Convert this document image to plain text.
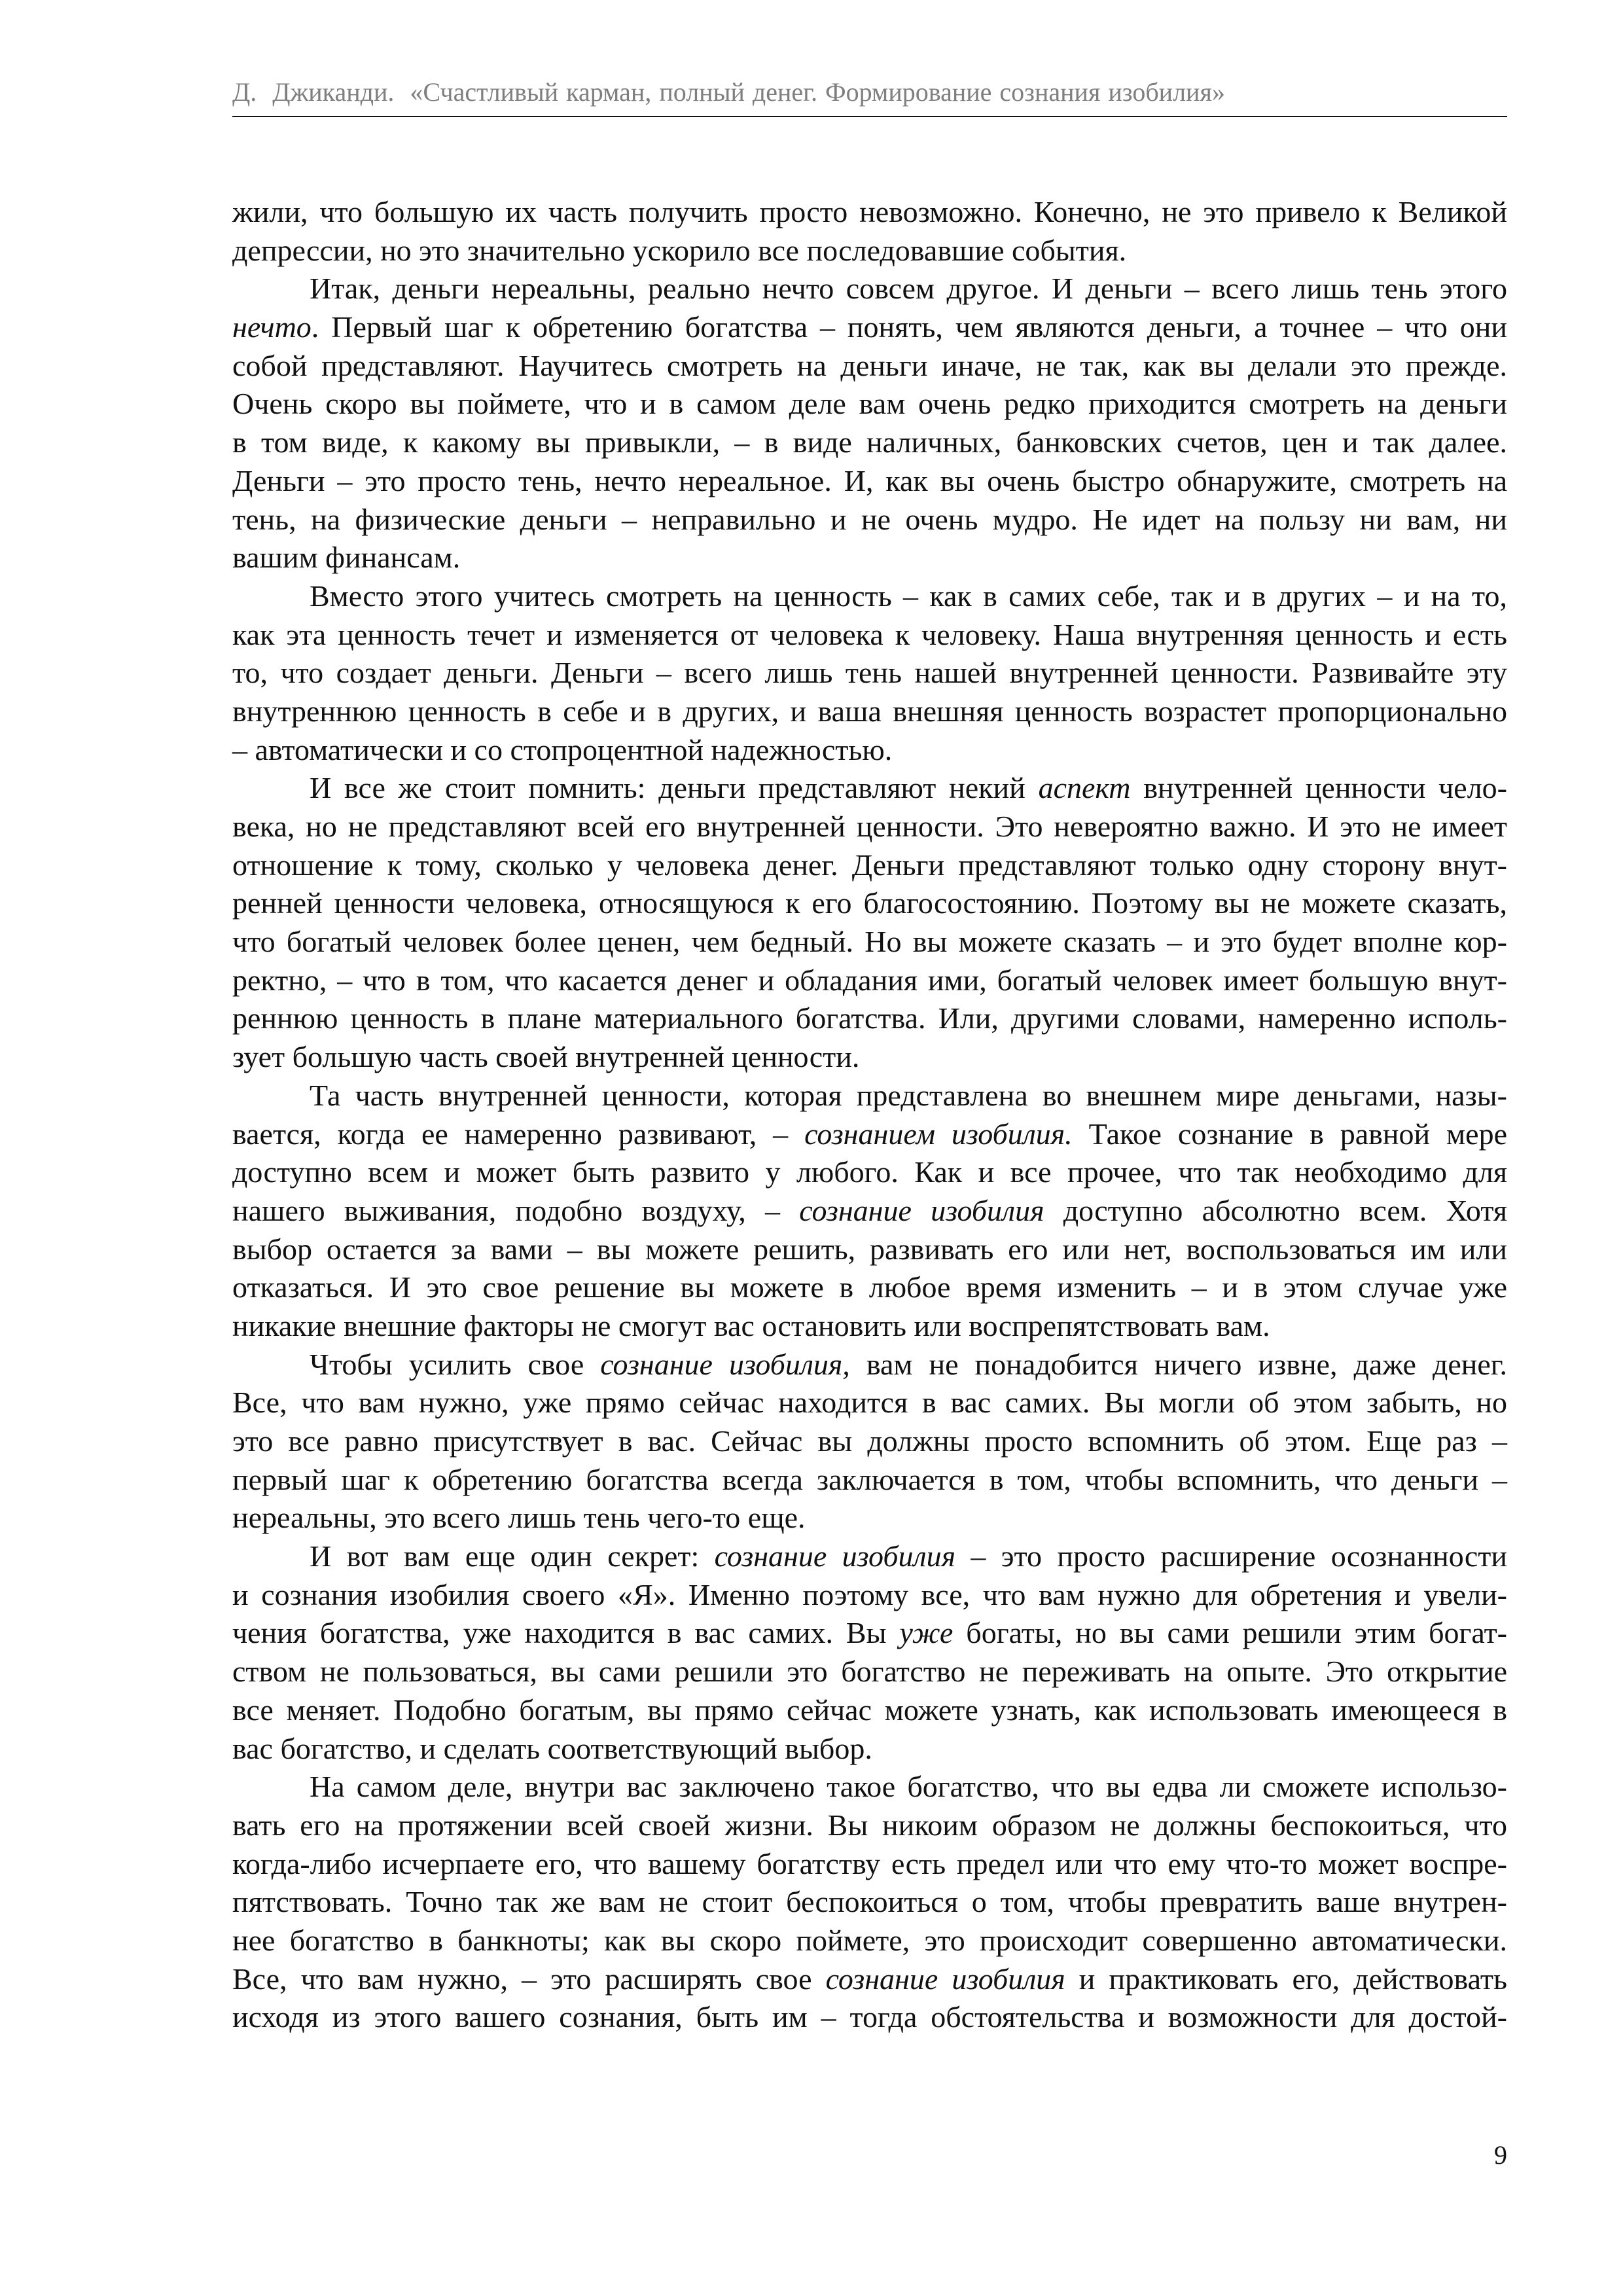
Д.  Джиканди.  «Счастливый карман, полный денег. Формирование сознания изобилия»
жили, что большую их часть получить просто невозможно. Конечно, не это привело к Великой
депрессии, но это значительно ускорило все последовавшие события.
Итак, деньги нереальны, реально нечто совсем другое. И деньги – всего лишь тень этого
нечто. Первый шаг к обретению богатства – понять, чем являются деньги, а точнее – что они
собой представляют. Научитесь смотреть на деньги иначе, не так, как вы делали это прежде.
Очень скоро вы поймете, что и в самом деле вам очень редко приходится смотреть на деньги
в том виде, к какому вы привыкли, – в виде наличных, банковских счетов, цен и так далее.
Деньги – это просто тень, нечто нереальное. И, как вы очень быстро обнаружите, смотреть на
тень, на физические деньги – неправильно и не очень мудро. Не идет на пользу ни вам, ни
вашим финансам.
Вместо этого учитесь смотреть на ценность – как в самих себе, так и в других – и на то,
как эта ценность течет и изменяется от человека к человеку. Наша внутренняя ценность и есть
то, что создает деньги. Деньги – всего лишь тень нашей внутренней ценности. Развивайте эту
внутреннюю ценность в себе и в других, и ваша внешняя ценность возрастет пропорционально
– автоматически и со стопроцентной надежностью.
И все же стоит помнить: деньги представляют некий аспект внутренней ценности чело-
века, но не представляют всей его внутренней ценности. Это невероятно важно. И это не имеет
отношение к тому, сколько у человека денег. Деньги представляют только одну сторону внут-
ренней ценности человека, относящуюся к его благосостоянию. Поэтому вы не можете сказать,
что богатый человек более ценен, чем бедный. Но вы можете сказать – и это будет вполне кор-
ректно, – что в том, что касается денег и обладания ими, богатый человек имеет большую внут-
реннюю ценность в плане материального богатства. Или, другими словами, намеренно исполь-
зует большую часть своей внутренней ценности.
Та часть внутренней ценности, которая представлена во внешнем мире деньгами, назы-
вается, когда ее намеренно развивают, – сознанием изобилия. Такое сознание в равной мере
доступно всем и может быть развито у любого. Как и все прочее, что так необходимо для
нашего выживания, подобно воздуху, – сознание изобилия доступно абсолютно всем. Хотя
выбор остается за вами – вы можете решить, развивать его или нет, воспользоваться им или
отказаться. И это свое решение вы можете в любое время изменить – и в этом случае уже
никакие внешние факторы не смогут вас остановить или воспрепятствовать вам.
Чтобы усилить свое сознание изобилия, вам не понадобится ничего извне, даже денег.
Все, что вам нужно, уже прямо сейчас находится в вас самих. Вы могли об этом забыть, но
это все равно присутствует в вас. Сейчас вы должны просто вспомнить об этом. Еще раз –
первый шаг к обретению богатства всегда заключается в том, чтобы вспомнить, что деньги –
нереальны, это всего лишь тень чего-то еще.
И вот вам еще один секрет: сознание изобилия – это просто расширение осознанности
и сознания изобилия своего «Я». Именно поэтому все, что вам нужно для обретения и увели-
чения богатства, уже находится в вас самих. Вы уже богаты, но вы сами решили этим богат-
ством не пользоваться, вы сами решили это богатство не переживать на опыте. Это открытие
все меняет. Подобно богатым, вы прямо сейчас можете узнать, как использовать имеющееся в
вас богатство, и сделать соответствующий выбор.
На самом деле, внутри вас заключено такое богатство, что вы едва ли сможете использо-
вать его на протяжении всей своей жизни. Вы никоим образом не должны беспокоиться, что
когда-либо исчерпаете его, что вашему богатству есть предел или что ему что-то может воспре-
пятствовать. Точно так же вам не стоит беспокоиться о том, чтобы превратить ваше внутрен-
нее богатство в банкноты; как вы скоро поймете, это происходит совершенно автоматически.
Все, что вам нужно, – это расширять свое сознание изобилия и практиковать его, действовать
исходя из этого вашего сознания, быть им – тогда обстоятельства и возможности для достой-
9
